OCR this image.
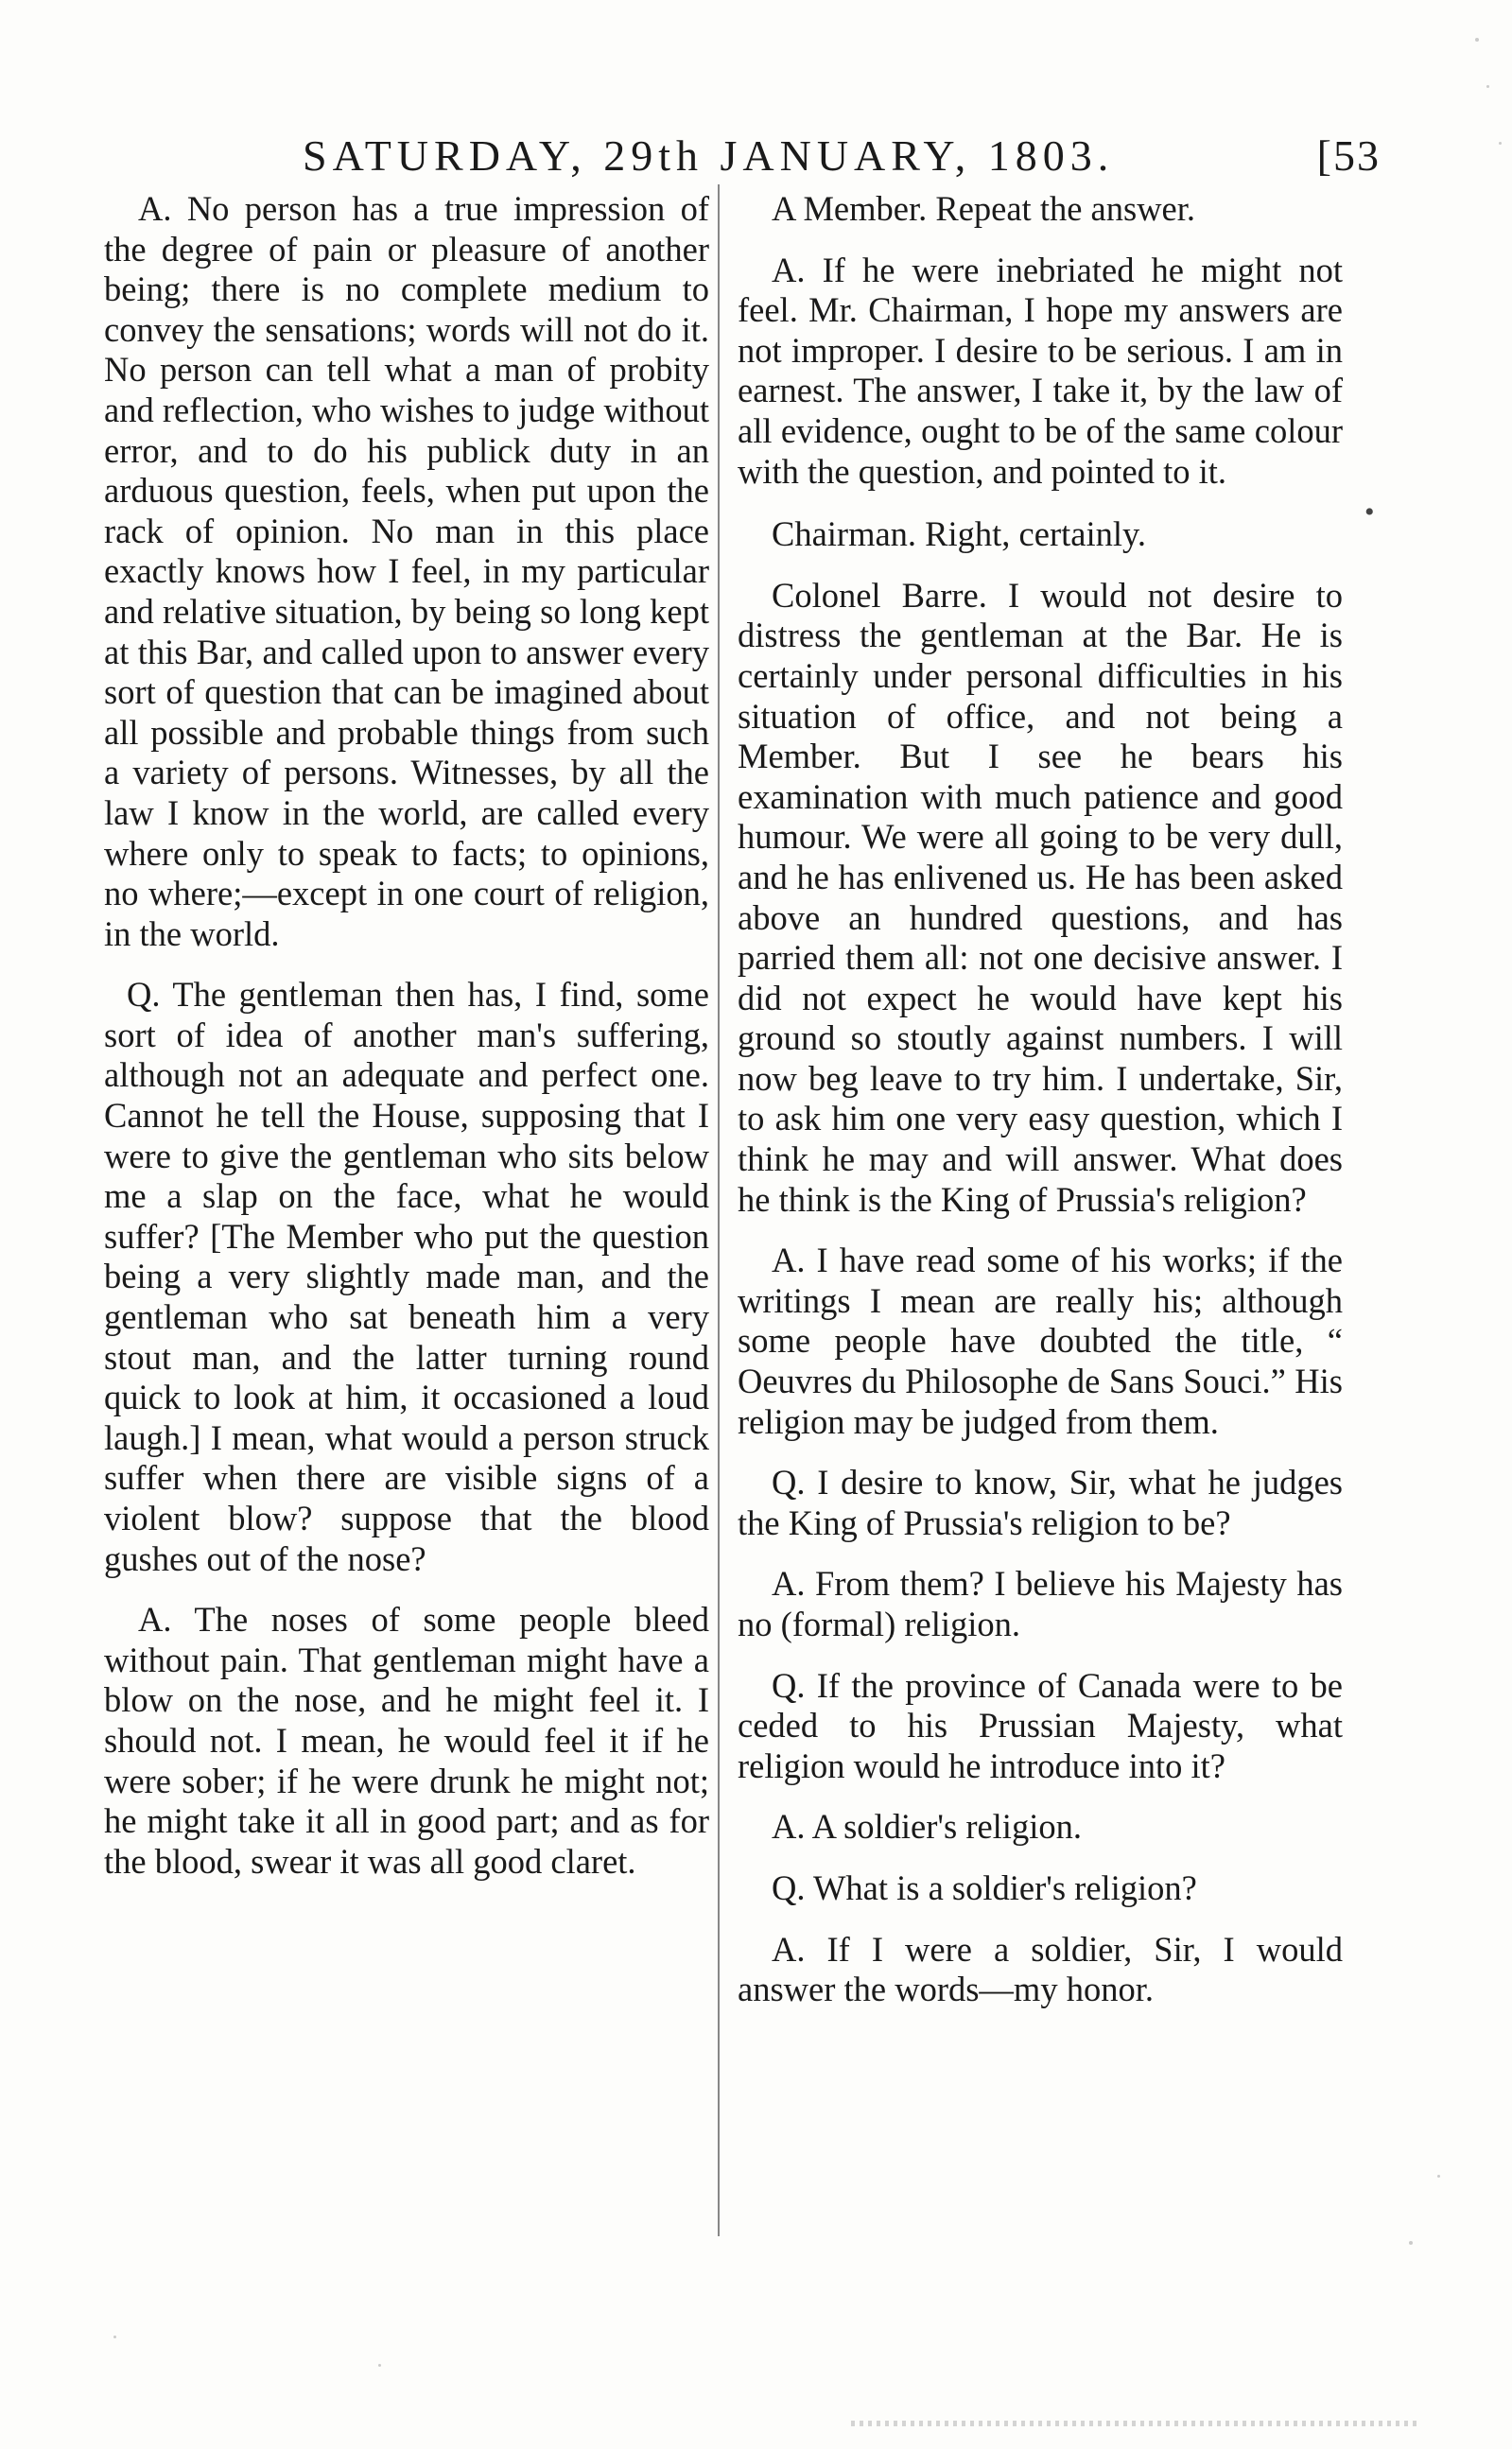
SATURDAY, 29th JANUARY, 1803.	[53

A. No person has a true impression of the degree of pain or pleasure of another being; there is no complete medium to convey the sensations; words will not do it. No person can tell what a man of probity and reflection, who wishes to judge without error, and to do his publick duty in an arduous question, feels, when put upon the rack of opinion. No man in this place exactly knows how I feel, in my particular and relative situation, by being so long kept at this Bar, and called upon to answer every sort of question that can be imagined about all possible and probable things from such a variety of persons. Witnesses, by all the law I know in the world, are called every where only to speak to facts; to opinions, no where;—except in one court of religion, in the world.

Q. The gentleman then has, I find, some sort of idea of another man's suffering, although not an adequate and perfect one. Cannot he tell the House, supposing that I were to give the gentleman who sits below me a slap on the face, what he would suffer? [The Member who put the question being a very slightly made man, and the gentleman who sat beneath him a very stout man, and the latter turning round quick to look at him, it occasioned a loud laugh.] I mean, what would a person struck suffer when there are visible signs of a violent blow? suppose that the blood gushes out of the nose?

A. The noses of some people bleed without pain. That gentleman might have a blow on the nose, and he might feel it. I should not. I mean, he would feel it if he were sober; if he were drunk he might not; he might take it all in good part; and as for the blood, swear it was all good claret.

A Member. Repeat the answer.

A. If he were inebriated he might not feel. Mr. Chairman, I hope my answers are not improper. I desire to be serious. I am in earnest. The answer, I take it, by the law of all evidence, ought to be of the same colour with the question, and pointed to it.

Chairman. Right, certainly.

Colonel Barre. I would not desire to distress the gentleman at the Bar. He is certainly under personal difficulties in his situation of office, and not being a Member. But I see he bears his examination with much patience and good humour. We were all going to be very dull, and he has enlivened us. He has been asked above an hundred questions, and has parried them all: not one decisive answer. I did not expect he would have kept his ground so stoutly against numbers. I will now beg leave to try him. I undertake, Sir, to ask him one very easy question, which I think he may and will answer. What does he think is the King of Prussia's religion?

A. I have read some of his works; if the writings I mean are really his; although some people have doubted the title, “ Oeuvres du Philosophe de Sans Souci.” His religion may be judged from them.

Q. I desire to know, Sir, what he judges the King of Prussia's religion to be?

A. From them? I believe his Majesty has no (formal) religion.

Q. If the province of Canada were to be ceded to his Prussian Majesty, what religion would he introduce into it?

A. A soldier's religion.

Q. What is a soldier's religion?

A. If I were a soldier, Sir, I would answer the words—my honor.

•
